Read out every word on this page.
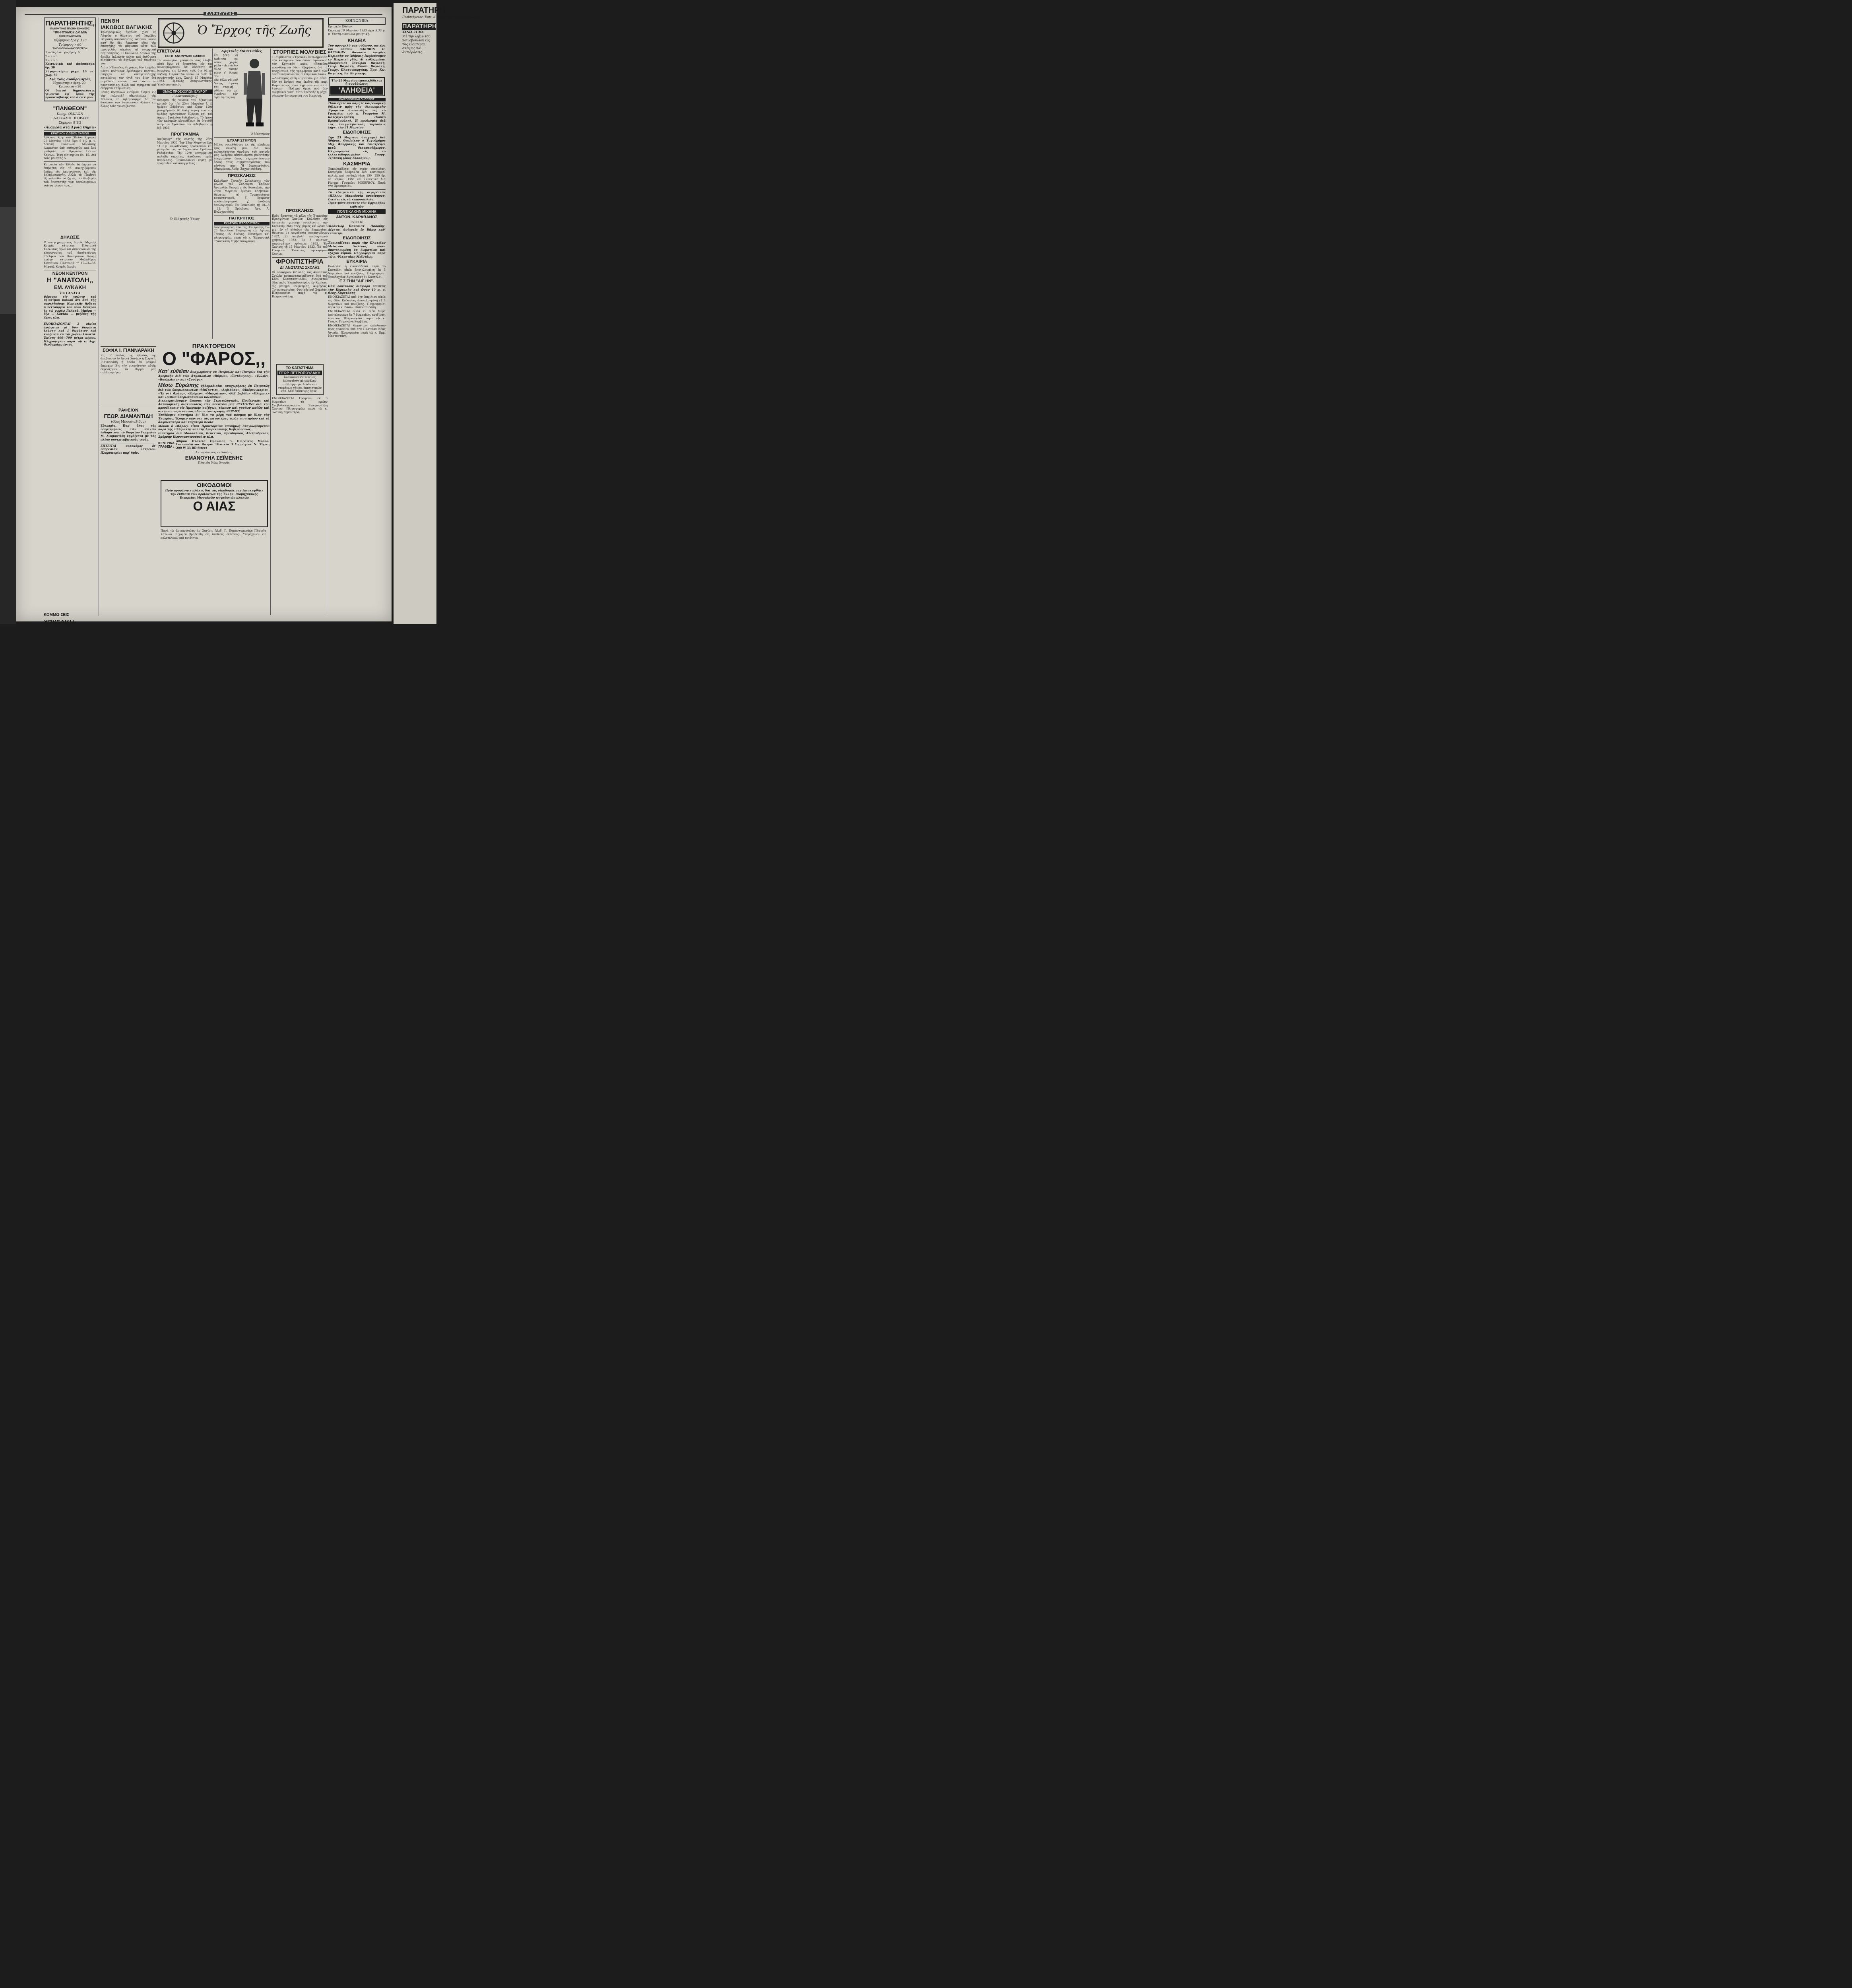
ΠΑΡΑΠΥΤΗΣ
Ὁ Ἔρχος τῆς Ζωῆς
ΠΑΡΑΤΗΡΗΤΗΣ,,
ΠΑΙΚΡΗΤΙΚΟΣ ΠΡΩΪΝΗ ΕΦΗΜΕΡΙΣ
ΤΙΜΗ ΦΥΛΛΟΥ ΔΡ. ΜΙΑ
ΟΡΟΙ ΣΥΝΔΡΟΜΩΝ
Ἐξάμηνος δραχ. 120
Τρίμηνος » 60
ΤΙΜΟΛΟΓΙΟΝ ΔΗΜΟΣΙΕΥΣΕΩΝ
1 σελὶς ὁ στίχος δραχ. 5
2 » » » 3
3 » » » 3
Κοινωνικὰ καὶ ἀπόσπασμα δρ. 30
Εὐχαριστήρια μέχρι 10 στ. χωρ. 30
Διὰ τοὺς συνδρομητὰς
Εὐχαριστήρια δραχ. 20 · Κοινωνικὰ » 20
Οἱ δεκτοὶ δημοσιεύσεις γίνονται ἐφ᾽ ὅσον τῆς προκαταβολῆς τοῦ ἀντιτίμου.
"ΠΑΝΘΕΟΝ"
Κινημ. ΟΜΙΛΩΝ
Ι. ΔΑΣΚΑΛΟΓΗΓΟΡΑΚΗ
Σήμερον 9 1|2
«Ἀνάλεσα στὰ Ἄγρια Θηρία»
ΚΡΗΤΙΚΟΝ ΩΔΕΙΟΝ ΧΑΝΙΩΝ
Αἴθουσα Κρητικοῦ Ὠδείου Κυριακὴ 26 Μαρτίου 1933 ὥρα 5 1|2 μ. μ. Δεκάτη Συναυλία Μουσικῆς Δωματίου ὑπὸ καθηγητῶν καὶ ἀπὸ μαθητῶν τοῦ Κρητικοῦ Ὠδείου Χανίων. Τιμὴ εἰσιτηρίου δρ. 15. Διὰ τοὺς μαθητὰς 5.
Κοινωνία τῶν Ἐθνῶν θὰ ἔπρεπε νὰ ἐπιβλήθη εἰς τὸ συνεχιζόμενον δρᾶμα τῆς ἀπογνώσεως καὶ τῆς ἀλληλοσφαγῆς. Ἀλλὰ τὸ Πεκῖνον ἐξακολουθεῖ νὰ ζῇ εἰς τὴν θλιβερὰν τοῦ ἀπογαστῆς τῶν ἀπειλουμένων τοῦ κατοίκων του...
ΔΗΛΩΣΙΣ
Ὁ ὑπογεγραμμένος Ἱερεὺς Μιχαὴλ Κουμῆς κάτοικος Πλατανιᾶ Κυδωνίας δηλῶ ὅτι ἀποποιοῦμαι τῆς κληρονομίας τοῦ ἀποθανόντος ἀδελφοῦ μου Παναγιώτου Κουμῆ πρώην κατοίκου Μαλαθύρου Κισσάμου. Πλατανιᾶ τῇ 17—3—33. Μιχαὴλ Κουμῆς Ἱερεὺς
ΝΕΟΝ ΚΕΝΤΡΟΝ
Η "ΑΝΑΤΟΛΗ,,
ΕΜ. ΛΥΚΑΚΗ
Ἐν ΓΑΛΑΤΑ
Φέρομεν εἰς γνῶσιν τοῦ ἀξιοτίμου κοινοῦ ὅτι ἀπὸ τῆς παρελθούσης Κυριακῆς ἤρξατο ἡ λειτουργία τοῦ νέου Κέντρου ἐν τῷ χωρίῳ Γαλατᾶ. Μπύρα — ὄζο — Κονιὰκ — μεζέδες τῆς ὥρας κλπ.
ΕΝΟΙΚΙΑΖΟΝΤΑΙ 2 οἰκίαι ἀνώγαιαι μὲ δύο δωμάτια ἑκάστη καὶ 1 δωμάτιον καὶ κουζίναν ἐν τῷ χωρίῳ Γαλατᾶ. Ἐπίσης 600—700 μέτρα κήπου. Πληροφορίαι παρὰ τῷ κ. Δημ. Θεοδωράκη ἐντός.
ΚΟΜΜΩ-ΣΕΙΣ ΧΡΥΣΑΚΗ
ΠΕΝΘΗ
ΙΑΚΩΒΟΣ ΒΑΓΙΑΚΗΣ
Τηλεγραφικῶς ἠγγέλθη χθὲς ἐξ Ἀθηνῶν ὁ θάνατος τοῦ Ἰακώβου Βαγιάκη ἀποθανόντος κατόπιν νόσου καθ' ἣν δὲν ἤρκεσαν οὔτε τῆς ἐπιστήμης τὰ φάρμακα οὔτε τῶν προσφιλῶν οἰκείων αἱ στοργικαὶ περιποιήσεις. Ἡ Κοινωνία Χανίων τῆς ἀπεῖλε ἐκλεκτὸν μέλος καὶ βαθύτατα αἰσθάνεται τὸ ἀγγέλμα τοῦ θανάτου του.
Διότι ὁ Ἰάκωβος Βαγιάκης δὲν ὑπῆρξεν μόνον πρότυπον ὁρθόσοφου πολίτου, ὑπῆρξεν καὶ οἰκογενειάρχης καταθέσας τὸν ὑγιῆ του βίον διὰ μεγάλων κόπων καὶ ἄκαμπτου προσπαθείας, ἀλλὰ καὶ τιμήματα καὶ ἐνέργεια πατριωτική.
Γόνος προγόνων ἐντίμων ἀνήκει εἰς τὴν πολυμελῆ οἰκογένειαν τῆς Σελίνου, τὸ τηλεγράφημα δὲ τοῦ θανάτου του ἐσκόρπισεν θλίψιν εἰς ὅλους τοὺς γνωρίζοντας.
ΣΟΦΙΑ Ι. ΓΙΑΝΝΑΡΑΚΗ
Εἰς τὸ ἄνθος τῆς ἡλικίας της ἀπεβίωσεν ἐν Ἀγυιᾷ Χανίων ἡ Σοφία Ι. Γιανναράκη ἡ ὁποία ἐκ μακροῦ ἔπασχεν. Εἰς τὴν οἰκογένειαν αὐτῆς ἐκφράζομεν τὰ θερμά μας συλλυπητήρια.
ΡΑΦΕΙΟΝ
ΓΕΩΡ. ΔΙΑΜΑΝΤΙΔΗ
(ὁδὸς Μπουσιαξίδου)
Εὐκαιρία. Παρ' ὅλας τὰς ὑπερτιμήσεις τῶν ὑλικῶν ἐνδυμάτων, τὸ Ραφεῖον Γεωργίου Μ. Διαμαντίδη ἐργάζεται μὲ τὰς πλέον συγκαταβατικὰς τιμάς.
ΖΗΤΕΙΤΑΙ νοσοκόμος δι' ὑπηρεσίαν Ἰατρείου. Πληροφορίαι παρ' ἡμῖν.
ΕΠΙΣΤΟΛΑΙ
ΠΡΟΣ ΑΝΩΝΥΜΟΓΡΑΦΟΝ
Τὸ ἀνώνυμον γραφεῖόν σας ἔλαβα. Αὐτὸ ἔχω νὰ ἀπαντήσω εἰς τὸν ἀνωνυμογράφον ὅτι οὐδέποτε θὰ ὑποκύψω εἰς λόγους τοῦ, ὅτι θὰ μὲ φοβίσῃ. Παρακαλῶ αὐτὸν νὰ ἔλθῃ εἰς συνάντησίν μου. Χανιά 15 Μαρτίου 1933. Ἡρακλῆς Ἀναγνωστάκης, Ὑποδηματοποιός
ΟΜΑΣ ΠΡΟΣΚΟΠΩΝ ΕΛΥΡΟΥ
Γνωστοποίησις
Φέρομεν εἰς γνῶσιν τοῦ ἀξιοτίμου κοινοῦ ὅτι τὴν 25ην Μαρτίου ἐ. ἔ. ἡμέραν Σάββατον καὶ ὥραν 12ην μεσημβρινὴν θὰ δοθῇ ἑορτὴ ὑπὸ τῆς ὁμάδος προσκόπων Ἐλύρου καὶ τοῦ Δημοτ. Σχολείου Ροδοβανίου. Τὸ ἥμισυ τῶν καθαρῶν εἰσπράξεων θὰ διατεθῇ ὑπὲρ τοῦ Σχολείου. Ἐν Ροδοβανίῳ τῇ 8|3|1933
ΠΡΟΓΡΑΜΜΑ
Διεξαγωγὴ τῆς ἑορτῆς τῆς 25ης Μαρτίου 1933. Τὴν 25ην Μαρτίου ὥρα 11 π.μ. συνάθροισις προσκόπων καὶ μαθητῶν εἰς τὸ Δημοτικὸν Σχολεῖον Ροδοβανίου. Τὴν 12ην μεσημβρινὴν παλαβὴ σημαίας, ἀπόδοσις τιμῶν παρέλασις. Ἐπακολουθεῖ ἑορτὴ μὲ τραγούδια καὶ ἀπαγγελίας.
Ὁ Ἑλληνικὸς Ὕμνος
Κρητικὲς Μαντινάδες
Σὰ ξένη γῆ ἐπάτησα σὲ τόπο χωρὶς γάλα · Δὲν θέλω ἄλλο τίποτε μόνο τ' ὄνομά σου.
Δὲν θέλω νὰ μοῦ δώσῃς ἀγάπη καὶ στοργή · φθάνει νὰ μὲ θυμᾶσαι τὴν ὥρα τὴ στερνή.
Ὁ Μυστήριος
ΕΥΧΑΡΙΣΤΗΡΙΟΝ
Μόλις συνελθόντες ἐκ τῆς πλήξεως ἥτις συνέβη μᾶς διὰ τοῦ πολυκλαύστου θανάτου τοῦ πατρός μας Ἀνδρέου αἰσθανόμεθα βαθυτάτην ὑποχρέωσιν ὅπως εὐχαριστήσωμεν ὅλους τοὺς συμμετασχόντας τοῦ πένθους μας. Ἡ βαρυπενθοῦσα Οἰκογένεια. Ἀνδρ. Ζαχαριουδάκη.
ΠΡΟΣΚΛΗΣΙΣ
Καλοῦμεν Γενικὴν Συνέλευσιν τῶν μελῶν τοῦ Συλλόγου Ἐρέθων Ἀνατολῆς Κοσμίου εἰς Βουκολιὲς τὴν 25ην Μαρτίου ἡμέραν Σάββατον. Θέματα: α) Τροποποίησις καταστατικοῦ, β) ἔγκρισις προϋπολογισμοῦ, γ) ὑποβολὴ ἀπολογισμοῦ. Ἐν Βουκολιὲς τῇ 18—3—33. Ὁ Πρόεδρος. Ἀντ. Ἀ. Πολυχρονίδης
ΠΑΓΚΡΗΤΙΟΣ
ΕΚΔΡΟΜΗ ΙΕΡΟΣΟΛΥΜΩΝ
Διοργανωμένη ὑπὸ τῆς Ἐπιτροπῆς 7—28 Ἀπριλίου. Παραμονὴ εἰς Ἁγίους Τόπους 15 ἡμέρας. Εἰσιτήρια καὶ πληροφορίαι παρὰ τῷ κ. Ἐμμανουὴλ Τζανακάκη Συμβολαιογράφῳ.
ΣΤΟΡΠΙΕΣ ΜΟΛΥΒΙΕΣ
Ἡ συμπολίτις «Ἔρευνα» ἀντιληφθεῖσα τὴν κατήφειαν ποὺ ἔπεσε ὑψώνουσα τὸν Κρητικὸν Λαόν. «Ἐσπεύσε προσθέσῃ νὰ δώσῃ ἐξηγήσεις διὰ τὰ προχθεσινὰ τῆς γραφόμενα κατὰ τῶν ἀποτελεσμάτων τοῦ Ἑλληνικοῦ λαοῦ».
—Δυστυχῶς φίλη «Ἔρευνα» γιὰ σένα, δὲν τὸ ἄρθρον σας ἐκεῖνο τῆς παρ. Παρασκευῆς, ἔτσι ἔγραψαν καὶ αὐτὰ ἔγιναν. —Πράγμα ὅμως ποὺ δὲν συμβαίνει γιατὶ αὐτὸ ἀπέδειξε ἡ μέχρι σήμερον ἀντικρητικὴ σου διαγωγή.
ΠΡΟΣΚΛΗΣΙΣ
Πρὸς ἅπαντας τὰ μέλη τῆς Ἑταιρείας Προσφύγων Χανίων. Καλεῖσθε εἰς ἐκτακτὴν γενικὴν συνέλευσιν τὴν Κυριακὴν 26ην τρέχ. μηνὸς καὶ ὥραν 3 μ.μ. ἐν τῇ αἰθούσῃ τῆς Δημαρχίας. Θέματα: 1) Λογοδοσία πεπραγμένων 1932, 2) ὑποβολὴ ἀπολογισμοῦ χρήσεως 1932, 3) ὁ ὁρισμὸς ψηφισμάτων χρήσεως 1933. Ἐν Χανίοις τῇ 15 Μαρτίου 1933. Ἐκ τοῦ Γραφείου Ἑνώσεως προσφύγων Χανίων.
ΦΡΟΝΤΙΣΤΗΡΙΑ
ΔΙ' ΑΝΩΤΑΤΑΣ ΣΧΟΛΑΣ
Οἱ ὑποψήφιοι δι' ὅλας τὰς Ἀνωτάτας Σχολὰς προπαρασκευάζονται ὑπὸ τοῦ Κων. Κωνσταντινίδου, Διευθυντοῦ Ἰδιωτικῆς Ἐκπαιδευτηρίου ἐν Χανίοις, εἰς μάθημα Γεωμετρίας, Ἀλγέβρας, Τριγωνομετρίας, Φυσικῆς καὶ Χημείας. Πληροφορίαι παρὰ τῷ κ. Πετροπουλάκῃ.
ΤΟ ΚΑΤΑΣΤΗΜΑ
ΓΕΩΡ. ΠΕΤΡΟΠΟΥΛΑΚΗ
Ἀνακαινισθὲν τελείως ἐπλουτίσθη μὲ μεγάλην συλλογὴν γυαλικῶν καὶ στεφάνων γάμου, βαπτιστικῶν κλπ. Μία ἐπίσκεψις ἀρκεῖ.
ΕΝΟΙΚΙΑΖΕΤΑΙ Γραφεῖον ἐκ 3 δωματίων τὸ πρώην Συμβολαιογραφεῖον Σγουρομάλλη Χανίων. Πληροφορίαι παρὰ τῷ κ. Ἰωάννῃ Σημαντήρᾳ.
— ΚΟΙΝΩΝΙΚΑ —
Κρητικὸν Ὠδεῖον
Κυριακὴ 19 Μαρτίου 1933 ὥρα 5.30 μ. μ. Ἐνάτη συναυλία μαθητικῆ.
ΚΗΔΕΙΑ
Τὸν προσφιλῆ μας σύζυγον, πατέρα καὶ πάππον ΙΑΚΩΒΟΝ Π. ΒΑΓΙΑΚΗΝ θανόντα προχθὲς Κυριακὴν ἐν Ἀθήναις ἐκηδεύσαμεν ἐν Πειραιεῖ χθές. Αἱ τεθλιμμέναι οἰκογένειαι Ἰακώβου Βαγιάκη, Γεωρ. Βαγιάκη, Νικολ. Βαγιάκη, Γεωργ. Πλατυγουργάκη, Ἐμμ. Κω. Βαγιάκη, Ἰω. Βαγιάκης.
Τὴν 25 Μαρτίου ἐπανεκδίδεται ἡ συνάδελφος
'ΑΛΗΘΕΙΑ'
ΚΑΙΡΟΝΟΜΙΚΑΙ ΔΗΛΩΣΕΙΣ
Ὅσοι ἔχετε νὰ κάμητε καιρονομικὴ δήλωσιν πρὸς τὴν Οἰκονομικὴν Ἐφορείαν ἀποτανθῆτε εἰς τὸ Γραφεῖον τοῦ κ. Γεωργίου Μ. Κατζαγεληνάκη (Κοῦτο Βρυσαϊονάκη). Ἡ προθεσμία διὰ τὰς ἐπαγγελματικὰς δηλώσεις λήγει τὴν 31 Μαρτίου.
ΕΙΔΟΠΟΙΗΣΙΣ
Τὴν 23 Μαρτίου ἀναχωρεῖ διὰ Ἀθήνας, Θεσ/νίκην ὁ Ταχυδρόμος Μιχ. Φουρμάκης καὶ ἐπιστρέφει μετὰ δεκαπενθήμερον. Πληροφορίαι εἰς τὸ ἐκλεκτοδογραφεῖον Γεωργ. Τζανάκη (ὁδὸς Κισσάμου).
ΚΑΣΜΗΡΙΑ
Ἐκκαθαρίζεται εἰς τιμὰς εὐκαιρίας. Κασμήρια ὁλόμαλλα διὰ κοστούμια, παλτὰ, καὶ παιδικὰ (ἀπὸ 150—250 δρ. τὸ μέτρον). Εἴδη καὶ ἐκλεκτικὰ διὰ Ράπτας. Γραφεῖον ΜΙΝΕΡΒΟΥ. Παρὰ τὴν Προκυμαίαν.
Τὰ ἐξαιρετικὰ τῆς σιγαρέττας «ΠΕΛΛΑ» Μακεδονία ἀνεκίνησεν, ζητεῖτε εἰς τὰ καπνοπωλεῖα.
Προτιμᾶτε πάντοτε τὸν Ἐργολάβον κηδειῶν
ΠΟΝΤΙΚΑΚΗΝ ΜΙΧΑΗΛ
ΑΝΤΩΝ. ΚΑΡΑΒΑΝΟΣ
ΙΑΤΡΟΣ
Διδάκτωρ Πανεπιστ. Παδούης. Δέχεται ἀσθενεῖς ἐν Βάμῳ καθ' ἑκάστην.
ΕΙΔΟΠΟΙΗΣΙΣ
Ἐνοικιάζεται παρὰ τὴν Πλατεῖαν Μεϊντάνι Χαλέπας οἰκία ἀποτελουμένη ἐκ δωματίων καὶ ἐξόχου κήπου. Πληροφορίαι παρὰ τῷ κ. Φλεμετάκη Μεϊντάνη.
ΕΥΚΑΙΡΙΑ
Πωλεῖται ἢ ἐνοικιάζεται παρὰ τὸ Καστέλλι οἰκία ἀποτελουμένη ἐκ 5 δωματίων καὶ κουζίνας. Πληροφορίαι Ξενοδοχεῖον Ἀγγελιδάκη ἐν Καστέλλι.
Ε Σ ΤΗΝ "ΑΙΓ ΗΝ".
Πᾶν λουτικοὺς διάφορα ἐπιστὰς τὴν Κυριακὴν καὶ ὥραν 10 π. μ. Θεοχ. Χαρετάκης
ΕΝΟΙΚΙΑΖΕΤΑΙ ἀπὸ 1ην Ἀπριλίου οἰκία εἰς ὁδὸν Κυδωνίας ἀποτελουμένη ἐξ 4 δωματίων καὶ κουζίνας. Πληροφορίαι παρὰ τῷ κ. Βασιλ. Παπουτσιδάκη.
ΕΝΟΙΚΙΑΖΕΤΑΙ οἰκία ἐν Νέα Χώρα ἀποτελουμένη ἐκ 7 δωματίων, κουζίνας, λουτροῦ. Πληροφορίαι παρὰ τῷ κ. Γεωργ. Τσιρινῶνη Βαρβάκη.
ΕΝΟΙΚΙΑΖΕΤΑΙ δωμάτιον ἐπίπλωτον πρὸς γραφεῖον ὑπὸ τὴν Πλατεῖαν Νέας Ἀγορᾶς. Πληροφορίαι παρὰ τῷ κ. Ἐμμ. Μαστοστάνη.
ΠΡΑΚΤΟΡΕΙΟΝ
Ο "ΦΑΡΟΣ,,
Κατ' εὐθεῖαν ἀναχωρήσεις ἐκ Πειραιῶς καὶ Πατρῶν διὰ τὴν Ἀμερικὴν διὰ τῶν ἀτμοπλοΐων «Βύρων», «Ἐπτάνησος», «Ἑλλάς», «Βουλκάνια» καὶ «Συνάγα».
Μέσω Εὐρώπης ἑβδομαδιαῖαι ἀναχωρήσεις ἐκ Πειραιῶς διὰ τῶν ὑπερωκεανείων «Μαζεστικ», «Λεβιάθαν», «Μπέρενγκαρια», «Ἴλ ντὲ Φράνς», «Βρέμεν», «Μανχάταν», «Ρὲξ Σαβόϊα» «Ὀλυμπικ» καὶ λοιπῶν ὑπερωκεανείων κολοσσῶν.
Διεκπεραιώνομεν ἅπασας τὰς Στρατολογικάς, Προξενικὰς καὶ Ἀστυνομικὰς διατυπώσεις τῶν πελατῶν μας PETITIONS διὰ τὴν προσέλευσιν εἰς Ἀμερικὴν συζύγων, τέκνων καὶ γονέων καθὼς καὶ αἰτήσεις παρατάσεως ἀδείας ἐπιστροφῆς PERMIT.
Ἐκδίδομεν εἰσιτήρια δι' ὅλα τὰ μέρη τοῦ κόσμου μὲ ὅλας τὰς Ἑταιρίας. Ἔχομεν πάντοτε τὰς κατωτέρας τιμὰς εἰσιτηρίων καὶ τὰ ἀσφαλέστερα καὶ ταχύτερα πλοῖα.
Μόνον ὁ «Φάρος» εἶναι Πρακτορεῖον ἐπισήμως ἀνεγνωρισμένον παρὰ τῆς Ἑλληνικῆς καὶ τῆς Ἀμερικανικῆς Κυβερνήσεως.
Εἰσιτήρια διὰ Μασσαλίαν, Βενετίαν, Βρενδήσιον, Ἀλεξάνδρειαν, Σμύρνην Κωνσταντινούπολιν κλπ.
ΚΕΝΤΡΙΚΑ ΓΡΑΦΕΙΑ :
Ἀθῆναι Πλατεῖα Ὁμονοίας 3. Πειραιεὺς Μυαου. Γιαννουλάτου. Πάτραι Πλατεῖα 3 Συμμάχων. Ν. Ὑόρκη 200 W 33 RD Street
Ἀντιπρόσωπος ἐν Χανίοις
ΕΜΑΝΟΥΗΛ ΣΕΪΜΕΝΗΣ
Πλατεῖα Νέας Ἀγορᾶς
ΟΙΚΟΔΟΜΟΙ
Πρὶν ἀγοράσητε πλάκες διὰ τὰς οἰκοδομάς σας ἐπισκεφθῆτε τὴν ἔκθεσιν τῶν προϊόντων τῆς Ἑλλην. Βιομηχανικῆς Ἑταιρείας Μωσαϊκῶν ψηφιδωτῶν πλακῶν
Ο ΑΙΑΣ
Παρὰ τῷ ἀντιπροσώπῳ ἐν Χανίοις Ἀλεξ. Γ. Παπαστυματάκη Πλατεῖα Κάτωλα. Ἔχομεν βραβευθῆ εἰς διεθνεῖς ἐκθέσεις. Ὑπερέχομεν εἰς πολυτέλειαν καὶ ποιότητα.
ΠΑΡΑΤΗΡΗ
Προϊστάμενος: Τυπο. Κ. ΣΤ. ΒΕΔΟΥΑ (Κρήτο—Βυρσο)
ΠΑΡΑΤΗΡΗ
ΧΑΝΙΑ 21 ΜΑ
Μὲ τὴν λήξιν τοῦ κοινοβουλίου εἰς τὰς εὐρυτέρας σκέψεις καὶ ἀντιδράσεις...
